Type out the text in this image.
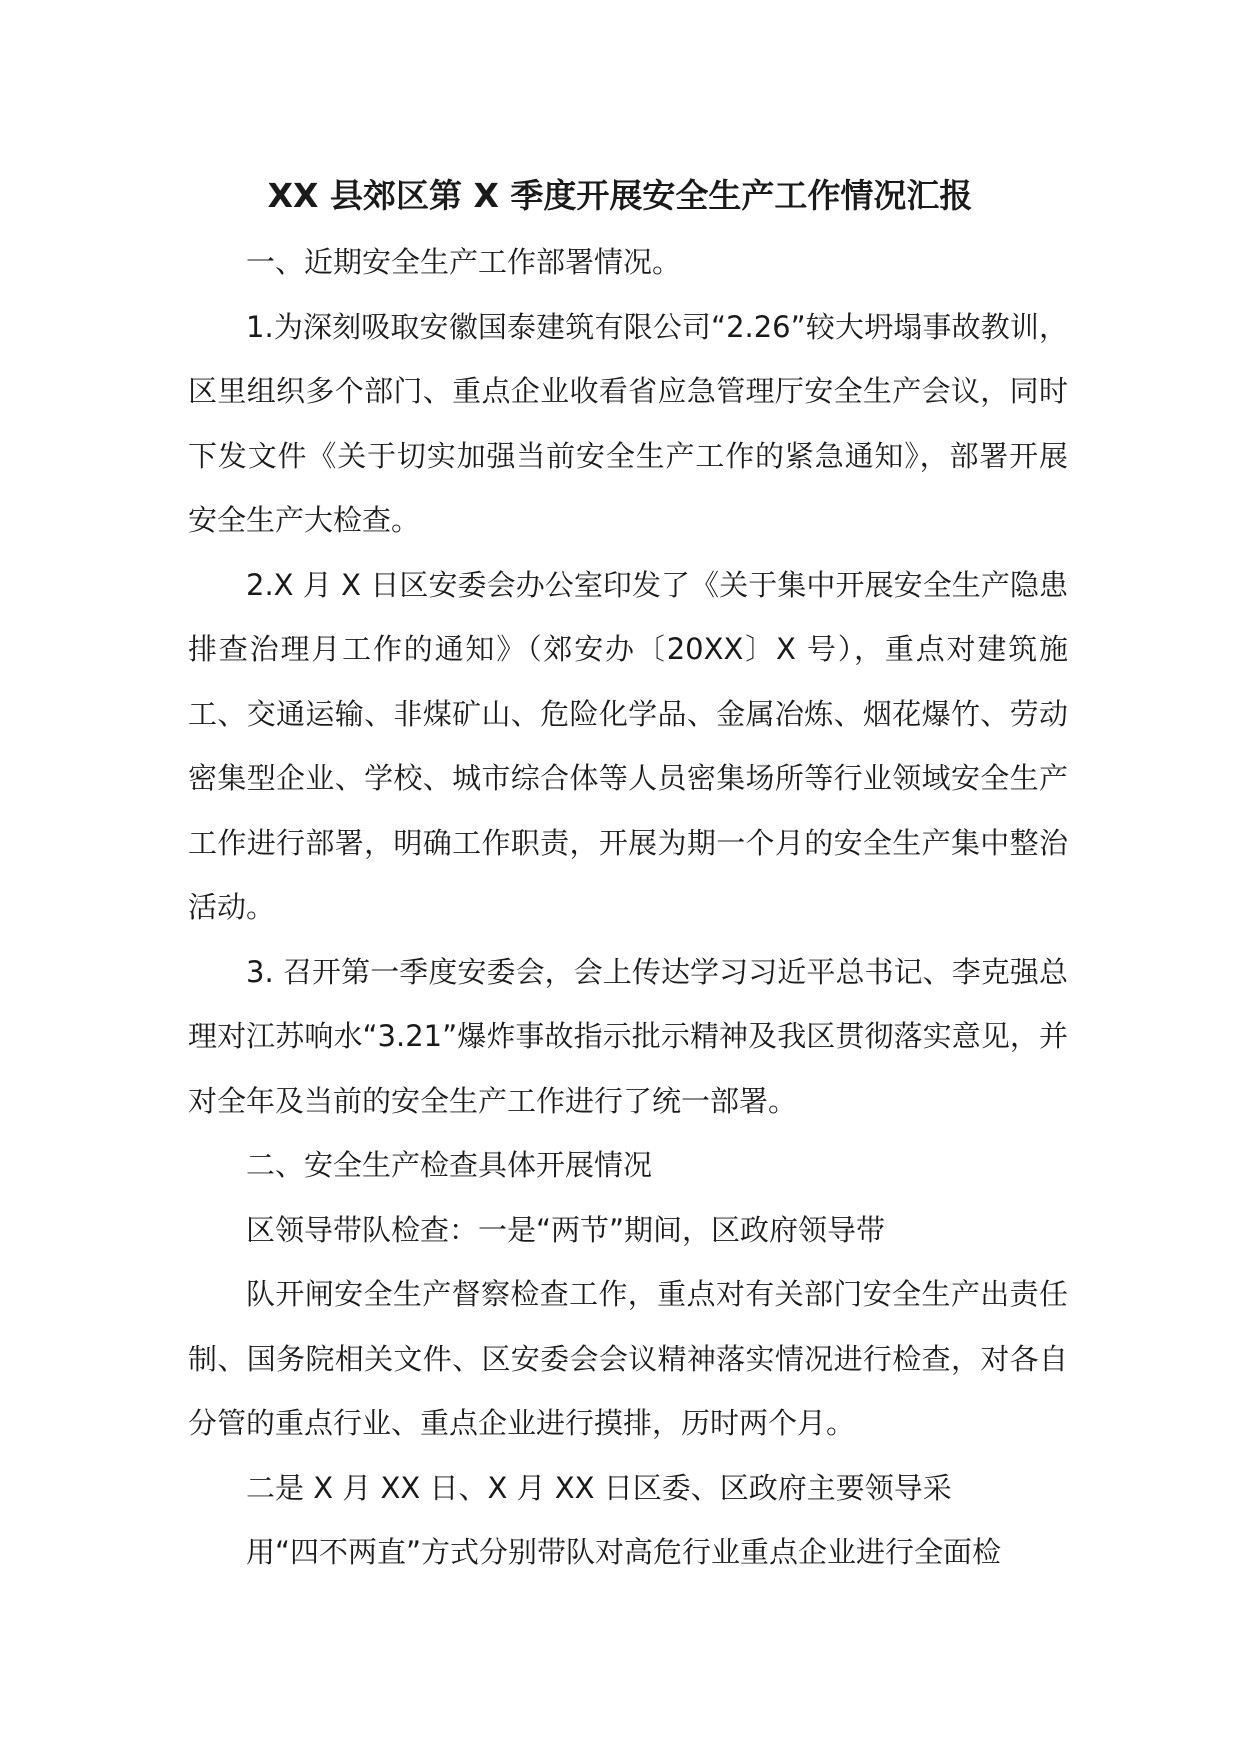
XX 县郊区第 X 季度开展安全生产工作情况汇报

一、近期安全生产工作部署情况。

1.为深刻吸取安徽国泰建筑有限公司“2.26”较大坍塌事故教训，区里组织多个部门、重点企业收看省应急管理厅安全生产会议，同时下发文件《关于切实加强当前安全生产工作的紧急通知》，部署开展安全生产大检查。

2.X 月 X 日区安委会办公室印发了《关于集中开展安全生产隐患排查治理月工作的通知》（郊安办〔20XX〕X 号），重点对建筑施工、交通运输、非煤矿山、危险化学品、金属冶炼、烟花爆竹、劳动密集型企业、学校、城市综合体等人员密集场所等行业领域安全生产工作进行部署，明确工作职责，开展为期一个月的安全生产集中整治活动。

3. 召开第一季度安委会，会上传达学习习近平总书记、李克强总理对江苏响水“3.21”爆炸事故指示批示精神及我区贯彻落实意见，并对全年及当前的安全生产工作进行了统一部署。

二、安全生产检查具体开展情况

区领导带队检查：一是“两节”期间，区政府领导带

队开闸安全生产督察检查工作，重点对有关部门安全生产出责任制、国务院相关文件、区安委会会议精神落实情况进行检查，对各自分管的重点行业、重点企业进行摸排，历时两个月。

二是 X 月 XX 日、X 月 XX 日区委、区政府主要领导采

用“四不两直”方式分别带队对高危行业重点企业进行全面检
